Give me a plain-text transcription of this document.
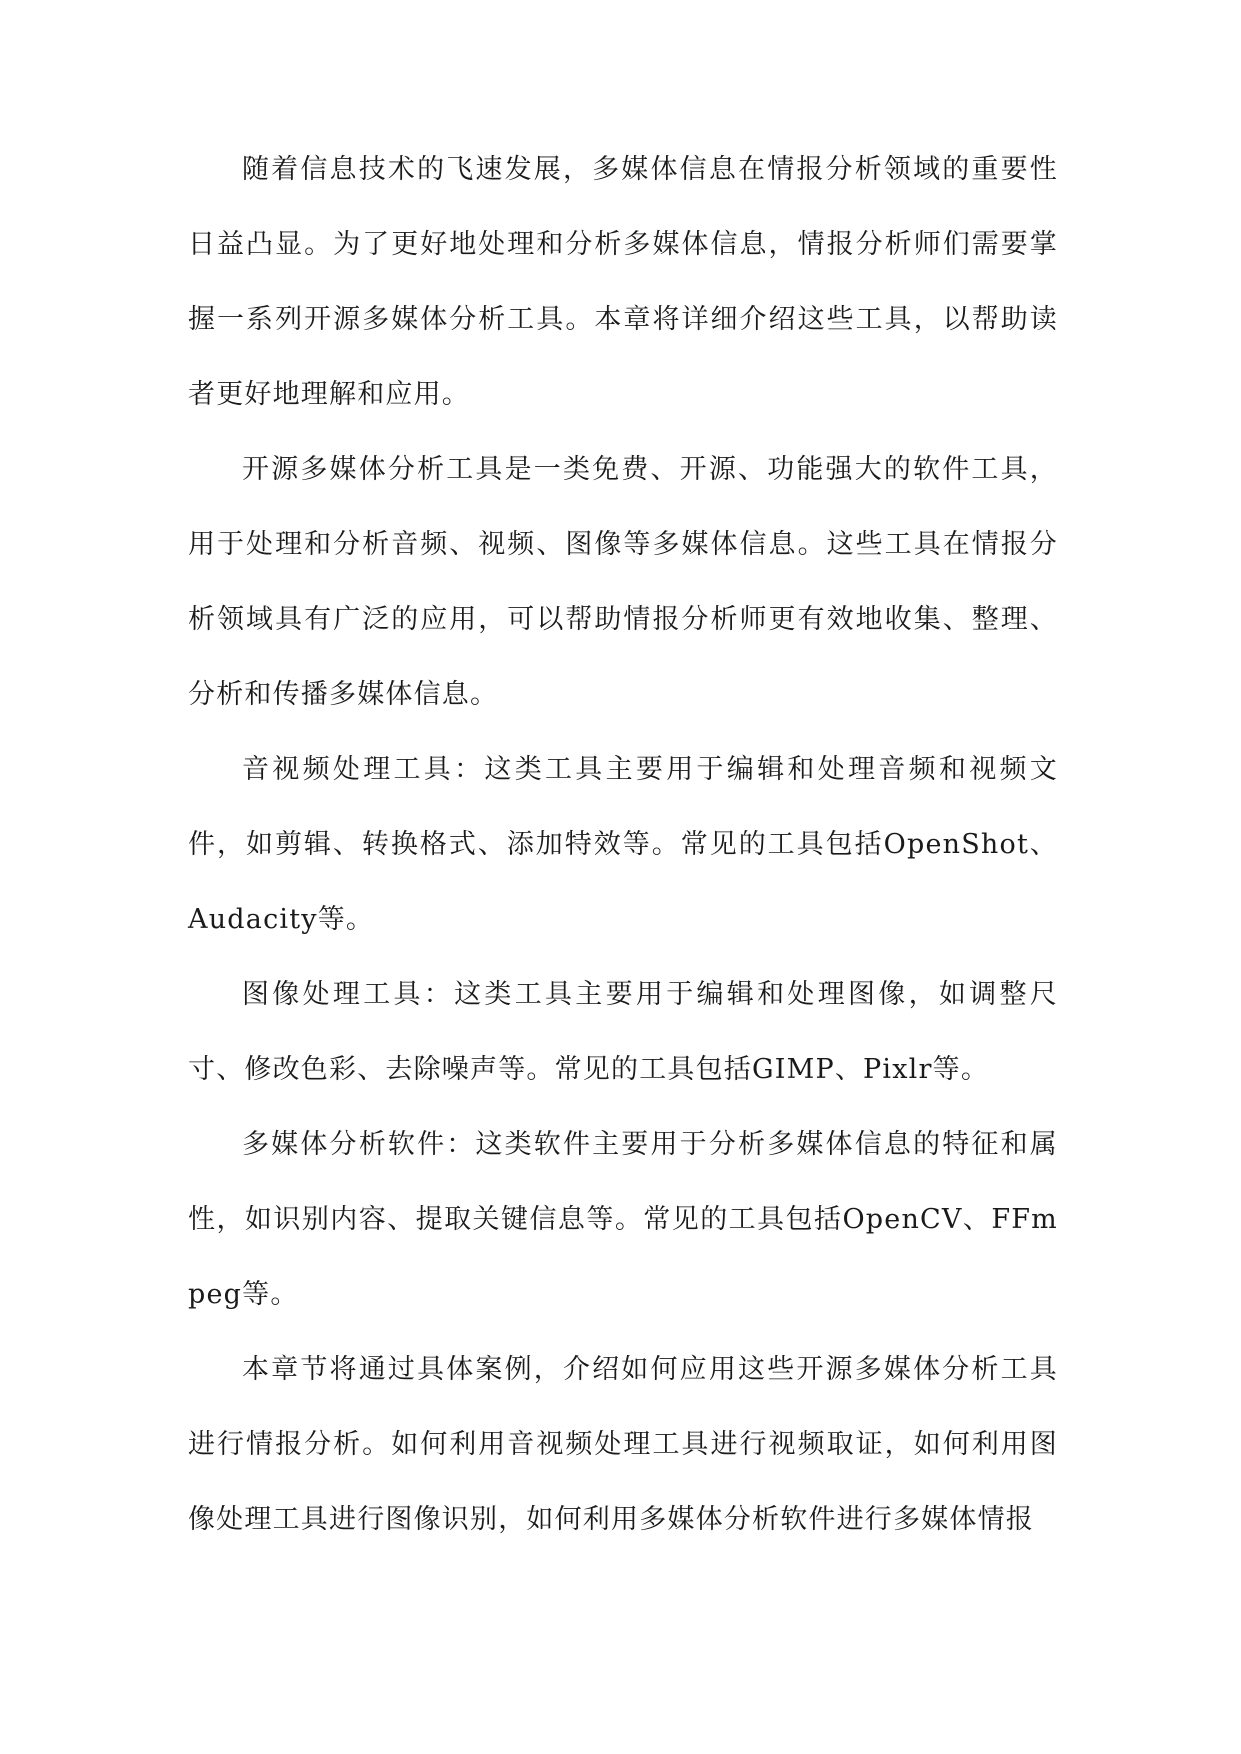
随着信息技术的飞速发展，多媒体信息在情报分析领域的重要性日益凸显。为了更好地处理和分析多媒体信息，情报分析师们需要掌握一系列开源多媒体分析工具。本章将详细介绍这些工具，以帮助读者更好地理解和应用。

开源多媒体分析工具是一类免费、开源、功能强大的软件工具，用于处理和分析音频、视频、图像等多媒体信息。这些工具在情报分析领域具有广泛的应用，可以帮助情报分析师更有效地收集、整理、分析和传播多媒体信息。

音视频处理工具：这类工具主要用于编辑和处理音频和视频文件，如剪辑、转换格式、添加特效等。常见的工具包括OpenShot、Audacity等。

图像处理工具：这类工具主要用于编辑和处理图像，如调整尺寸、修改色彩、去除噪声等。常见的工具包括GIMP、Pixlr等。

多媒体分析软件：这类软件主要用于分析多媒体信息的特征和属性，如识别内容、提取关键信息等。常见的工具包括OpenCV、FFmpeg等。

本章节将通过具体案例，介绍如何应用这些开源多媒体分析工具进行情报分析。如何利用音视频处理工具进行视频取证，如何利用图像处理工具进行图像识别，如何利用多媒体分析软件进行多媒体情报
